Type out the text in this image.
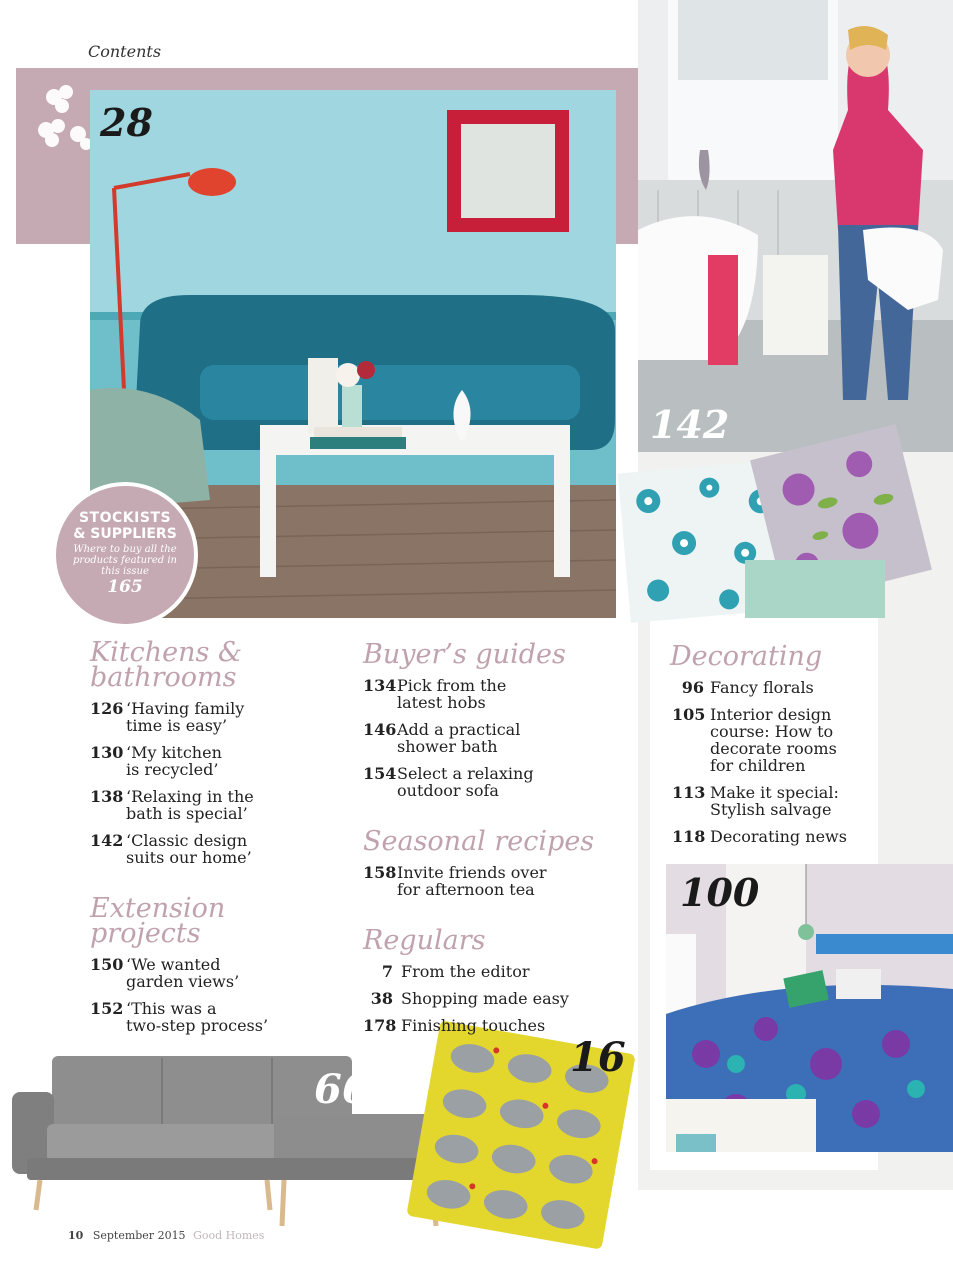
Contents
28
STOCKISTS
& SUPPLIERS
Where to buy all the products featured in this issue
165
142
100
66
16
Kitchens & bathrooms
126 ‘Having family
time is easy’
130 ‘My kitchen
is recycled’
138 ‘Relaxing in the
bath is special’
142 ‘Classic design
suits our home’
Extension projects
150 ‘We wanted
garden views’
152 ‘This was a
two-step process’
Buyer’s guides
134 Pick from the
latest hobs
146 Add a practical
shower bath
154 Select a relaxing
outdoor sofa
Seasonal recipes
158 Invite friends over
for afternoon tea
Regulars
7 From the editor
38 Shopping made easy
178 Finishing touches
Decorating
96 Fancy florals
105 Interior design
course: How to
decorate rooms
for children
113 Make it special:
Stylish salvage
118 Decorating news
10 September 2015 Good Homes
